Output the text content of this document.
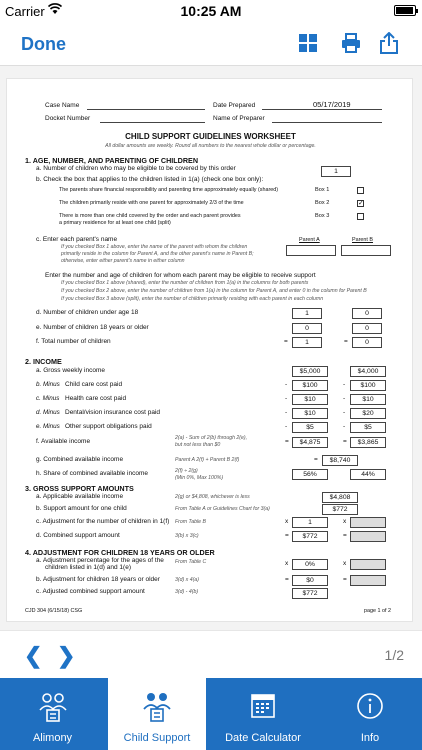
Carrier	10:25 AM
Done
Case Name	Date Prepared	05/17/2019
Docket Number	Name of Preparer
CHILD SUPPORT GUIDELINES WORKSHEET
All dollar amounts are weekly. Round all numbers to the nearest whole dollar or percentage.
1. AGE, NUMBER, AND PARENTING OF CHILDREN
a. Number of children who may be eligible to be covered by this order	1
b. Check the box that applies to the children listed in 1(a) (check one box only):
The parents share financial responsibility and parenting time approximately equally (shared)	Box 1
The children primarily reside with one parent for approximately 2/3 of the time	Box 2	✓
There is more than one child covered by the order and each parent provides
a primary residence for at least one child (split)
Box 3
c. Enter each parent's name	Parent A	Parent B
If you checked Box 1 above, enter the name of the parent with whom the children
primarily reside in the column for Parent A, and the other parent's name in Parent B;
otherwise, enter either parent's name in either column
Enter the number and age of children for whom each parent may be eligible to receive support
If you checked Box 1 above (shared), enter the number of children from 1(a) in the columns for both parents
If you checked Box 2 above, enter the number of children from 1(a) in the column for Parent A, and enter 0 in the column for Parent B
If you checked Box 3 above (split), enter the number of children primarily residing with each parent in each column
d. Number of children under age 18	1	0
e. Number of children 18 years or older	0	0
f. Total number of children	=	1	=	0
2. INCOME
a. Gross weekly income	$5,000	$4,000
b. Minus Child care cost paid	-	$100	-	$100
c. Minus Health care cost paid	-	$10	-	$10
d. Minus Dental/vision insurance cost paid	-	$10	-	$20
e. Minus Other support obligations paid	-	$5	-	$5
f. Available income	2(a) - Sum of 2(b) through 2(e),
but not less than $0	=	$4,875	=	$3,865
g. Combined available income	Parent A 2(f) + Parent B 2(f)	=	$8,740
h. Share of combined available income	2(f) ÷ 2(g)
(Min 0%, Max 100%)	56%	44%
3. GROSS SUPPORT AMOUNTS
a. Applicable available income	2(g) or $4,808, whichever is less	$4,808
b. Support amount for one child	From Table A or Guidelines Chart for 3(a)	$772
c. Adjustment for the number of children in 1(f) From Table B	x	1	x
d. Combined support amount	3(b) x 3(c)	=	$772	=
4. ADJUSTMENT FOR CHILDREN 18 YEARS OR OLDER
a. Adjustment percentage for the ages of the
children listed in 1(d) and 1(e)
From Table C	x	0%	x
b. Adjustment for children 18 years or older	3(d) x 4(a)	=	$0	=
c. Adjusted combined support amount	3(d) - 4(b)	$772
CJD 304 (6/15/18) CSG	page 1 of 2
❮ ❯	1/2
Alimony	Child Support	Date Calculator	Info
